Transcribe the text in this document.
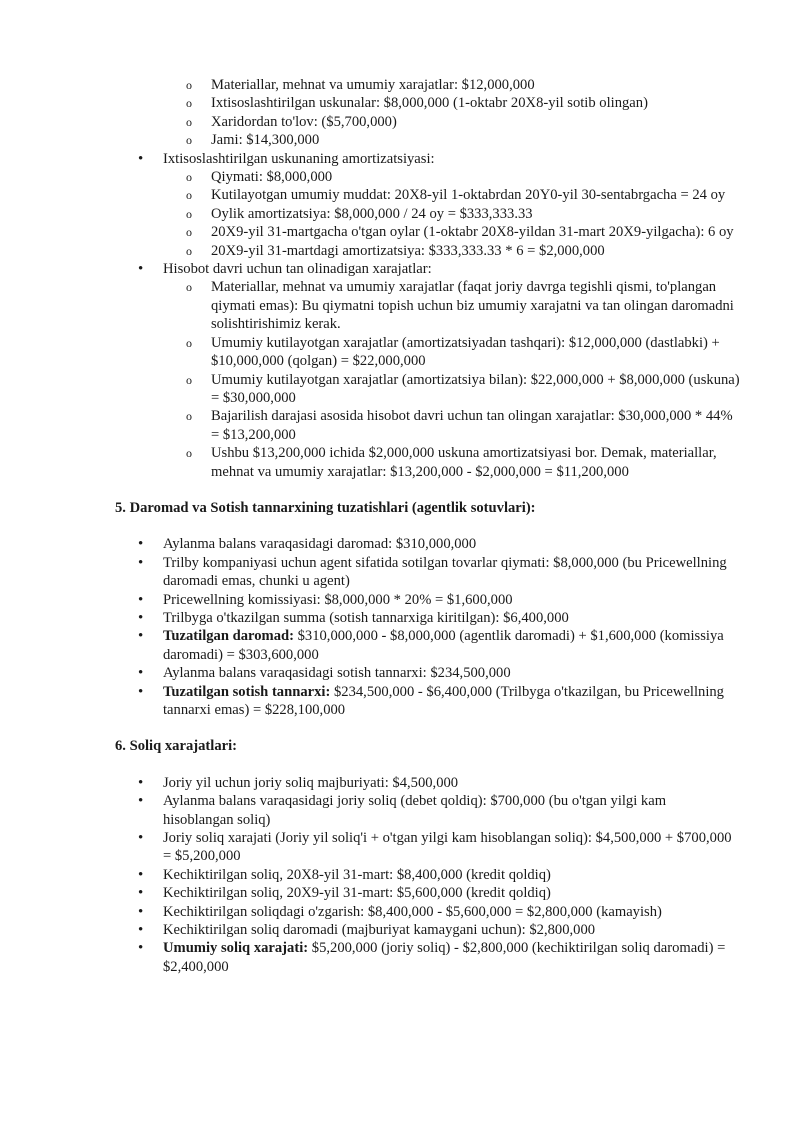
o Materiallar, mehnat va umumiy xarajatlar: $12,000,000
o Ixtisoslashtirilgan uskunalar: $8,000,000 (1-oktabr 20X8-yil sotib olingan)
o Xaridordan to'lov: ($5,700,000)
o Jami: $14,300,000
• Ixtisoslashtirilgan uskunaning amortizatsiyasi:
o Qiymati: $8,000,000
o Kutilayotgan umumiy muddat: 20X8-yil 1-oktabrdan 20Y0-yil 30-sentabrgacha = 24 oy
o Oylik amortizatsiya: $8,000,000 / 24 oy = $333,333.33
o 20X9-yil 31-martgacha o'tgan oylar (1-oktabr 20X8-yildan 31-mart 20X9-yilgacha): 6 oy
o 20X9-yil 31-martdagi amortizatsiya: $333,333.33 * 6 = $2,000,000
• Hisobot davri uchun tan olinadigan xarajatlar:
o Materiallar, mehnat va umumiy xarajatlar (faqat joriy davrga tegishli qismi, to'plangan qiymati emas): Bu qiymatni topish uchun biz umumiy xarajatni va tan olingan daromadni solishtirishimiz kerak.
o Umumiy kutilayotgan xarajatlar (amortizatsiyadan tashqari): $12,000,000 (dastlabki) + $10,000,000 (qolgan) = $22,000,000
o Umumiy kutilayotgan xarajatlar (amortizatsiya bilan): $22,000,000 + $8,000,000 (uskuna) = $30,000,000
o Bajarilish darajasi asosida hisobot davri uchun tan olingan xarajatlar: $30,000,000 * 44% = $13,200,000
o Ushbu $13,200,000 ichida $2,000,000 uskuna amortizatsiyasi bor. Demak, materiallar, mehnat va umumiy xarajatlar: $13,200,000 - $2,000,000 = $11,200,000
5. Daromad va Sotish tannarxining tuzatishlari (agentlik sotuvlari):
• Aylanma balans varaqasidagi daromad: $310,000,000
• Trilby kompaniyasi uchun agent sifatida sotilgan tovarlar qiymati: $8,000,000 (bu Pricewellning daromadi emas, chunki u agent)
• Pricewellning komissiyasi: $8,000,000 * 20% = $1,600,000
• Trilbyga o'tkazilgan summa (sotish tannarxiga kiritilgan): $6,400,000
• Tuzatilgan daromad: $310,000,000 - $8,000,000 (agentlik daromadi) + $1,600,000 (komissiya daromadi) = $303,600,000
• Aylanma balans varaqasidagi sotish tannarxi: $234,500,000
• Tuzatilgan sotish tannarxi: $234,500,000 - $6,400,000 (Trilbyga o'tkazilgan, bu Pricewellning tannarxi emas) = $228,100,000
6. Soliq xarajatlari:
• Joriy yil uchun joriy soliq majburiyati: $4,500,000
• Aylanma balans varaqasidagi joriy soliq (debet qoldiq): $700,000 (bu o'tgan yilgi kam hisoblangan soliq)
• Joriy soliq xarajati (Joriy yil soliq'i + o'tgan yilgi kam hisoblangan soliq): $4,500,000 + $700,000 = $5,200,000
• Kechiktirilgan soliq, 20X8-yil 31-mart: $8,400,000 (kredit qoldiq)
• Kechiktirilgan soliq, 20X9-yil 31-mart: $5,600,000 (kredit qoldiq)
• Kechiktirilgan soliqdagi o'zgarish: $8,400,000 - $5,600,000 = $2,800,000 (kamayish)
• Kechiktirilgan soliq daromadi (majburiyat kamaygani uchun): $2,800,000
• Umumiy soliq xarajati: $5,200,000 (joriy soliq) - $2,800,000 (kechiktirilgan soliq daromadi) = $2,400,000
